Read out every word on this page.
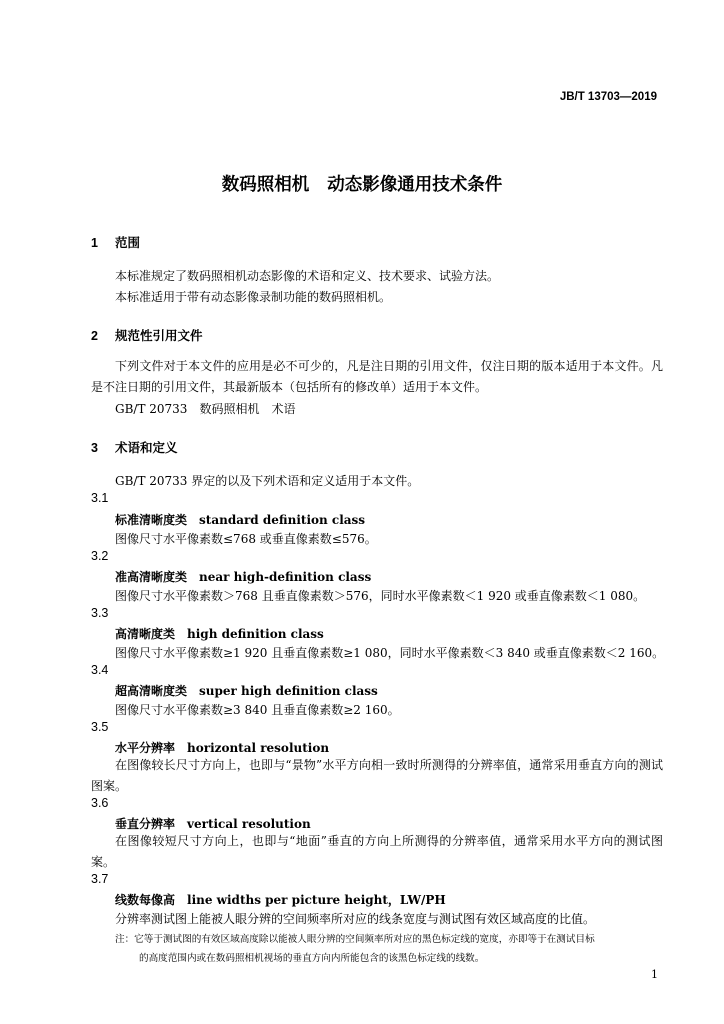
JB/T 13703—2019
数码照相机 动态影像通用技术条件
1 范围
本标准规定了数码照相机动态影像的术语和定义、技术要求、试验方法。
本标准适用于带有动态影像录制功能的数码照相机。
2 规范性引用文件
下列文件对于本文件的应用是必不可少的，凡是注日期的引用文件，仅注日期的版本适用于本文件。凡是不注日期的引用文件，其最新版本（包括所有的修改单）适用于本文件。
GB/T 20733　数码照相机　术语
3 术语和定义
GB/T 20733 界定的以及下列术语和定义适用于本文件。
3.1
标准清晰度类 standard definition class
图像尺寸水平像素数≤768 或垂直像素数≤576。
3.2
准高清晰度类 near high-definition class
图像尺寸水平像素数＞768 且垂直像素数＞576，同时水平像素数＜1 920 或垂直像素数＜1 080。
3.3
高清晰度类 high definition class
图像尺寸水平像素数≥1 920 且垂直像素数≥1 080，同时水平像素数＜3 840 或垂直像素数＜2 160。
3.4
超高清晰度类 super high definition class
图像尺寸水平像素数≥3 840 且垂直像素数≥2 160。
3.5
水平分辨率 horizontal resolution
在图像较长尺寸方向上，也即与“景物”水平方向相一致时所测得的分辨率值，通常采用垂直方向的测试图案。
3.6
垂直分辨率 vertical resolution
在图像较短尺寸方向上，也即与“地面”垂直的方向上所测得的分辨率值，通常采用水平方向的测试图案。
3.7
线数每像高 line widths per picture height，LW/PH
分辨率测试图上能被人眼分辨的空间频率所对应的线条宽度与测试图有效区域高度的比值。
注：它等于测试图的有效区域高度除以能被人眼分辨的空间频率所对应的黑色标定线的宽度，亦即等于在测试目标
的高度范围内或在数码照相机视场的垂直方向内所能包含的该黑色标定线的线数。
1
